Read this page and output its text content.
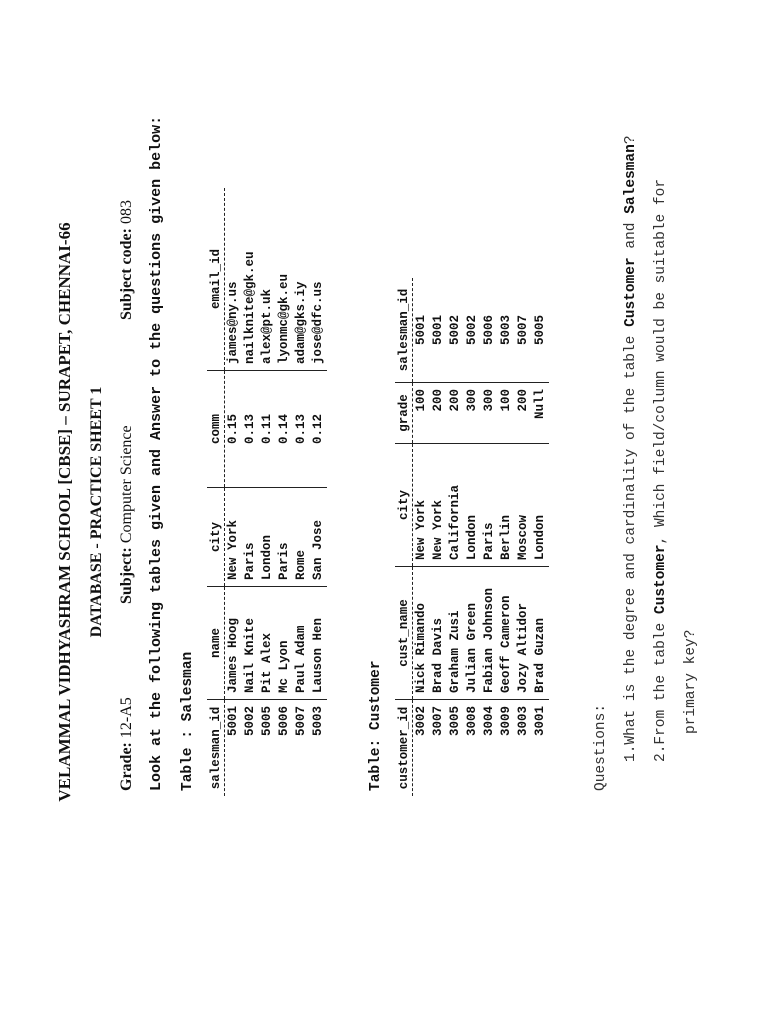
VELAMMAL VIDHYASHRAM SCHOOL [CBSE] – SURAPET, CHENNAI-66 DATABASE - PRACTICE SHEET 1
Grade: 12-A5
Subject: Computer Science
Subject code: 083 Look at the following tables given and Answer to the questions given below: Table : Salesman salesman_id	name	city	comm	email_id
5001	James Hoog	New York	0.15	james@ny.us
5002	Nail Knite	Paris	0.13	nailknite@gk.eu
5005	Pit Alex	London	0.11	alex@pt.uk
5006	Mc Lyon	Paris	0.14	lyonmc@gk.eu
5007	Paul Adam	Rome	0.13	adam@gks.iy
5003	Lauson Hen	San Jose	0.12	jose@dfc.us
Table: Customer customer_id	cust_name	city	grade	salesman_id
3002	Nick Rimando	New York	100	5001
3007	Brad Davis	New York	200	5001
3005	Graham Zusi	California	200	5002
3008	Julian Green	London	300	5002
3004	Fabian Johnson	Paris	300	5006
3009	Geoff Cameron	Berlin	100	5003
3003	Jozy Altidor	Moscow	200	5007
3001	Brad Guzan	London	Null	5005
Questions: 1.What is the degree and cardinality of the table Customer and Salesman?
2.From the table Customer, Which field/column would be suitable for
primary key?
